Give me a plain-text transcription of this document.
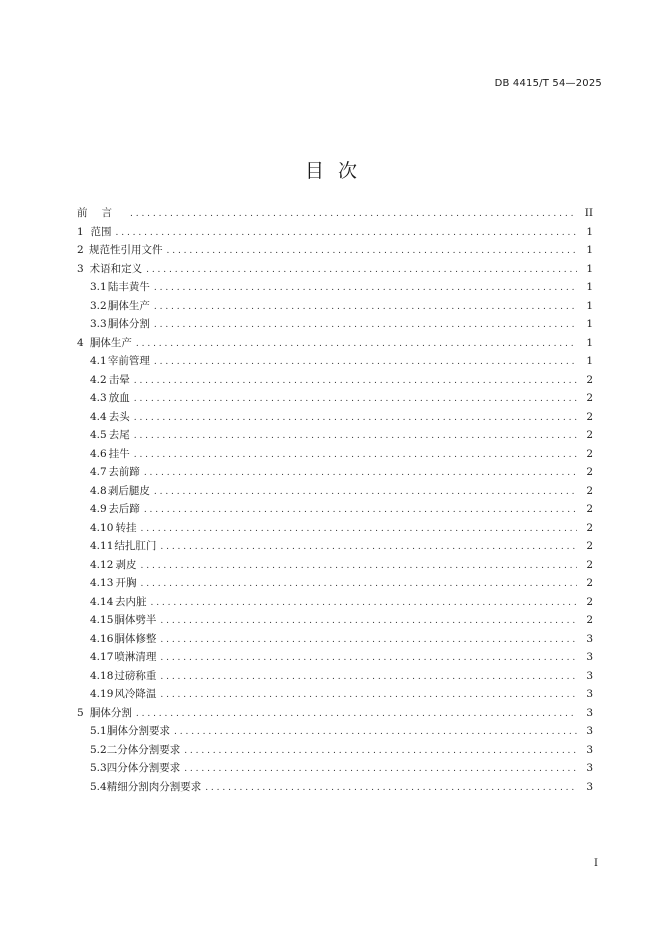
DB 4415/T 54—2025
目次
前言 . . .	II
1 范围 . . .	1
2 规范性引用文件 . . .	1
3 术语和定义 . . .	1
3.1 陆丰黄牛 . . .	1
3.2 胴体生产 . . .	1
3.3 胴体分割 . . .	1
4 胴体生产 . . .	1
4.1 宰前管理 . . .	1
4.2 击晕 . . .	2
4.3 放血 . . .	2
4.4 去头 . . .	2
4.5 去尾 . . .	2
4.6 挂牛 . . .	2
4.7 去前蹄 . . .	2
4.8 剥后腿皮 . . .	2
4.9 去后蹄 . . .	2
4.10 转挂 . . .	2
4.11 结扎肛门 . . .	2
4.12 剥皮 . . .	2
4.13 开胸 . . .	2
4.14 去内脏 . . .	2
4.15 胴体劈半 . . .	2
4.16 胴体修整 . . .	3
4.17 喷淋清理 . . .	3
4.18 过磅称重 . . .	3
4.19 风冷降温 . . .	3
5 胴体分割 . . .	3
5.1 胴体分割要求 . . .	3
5.2 二分体分割要求 . . .	3
5.3 四分体分割要求 . . .	3
5.4 精细分割肉分割要求 . . .	3
I
